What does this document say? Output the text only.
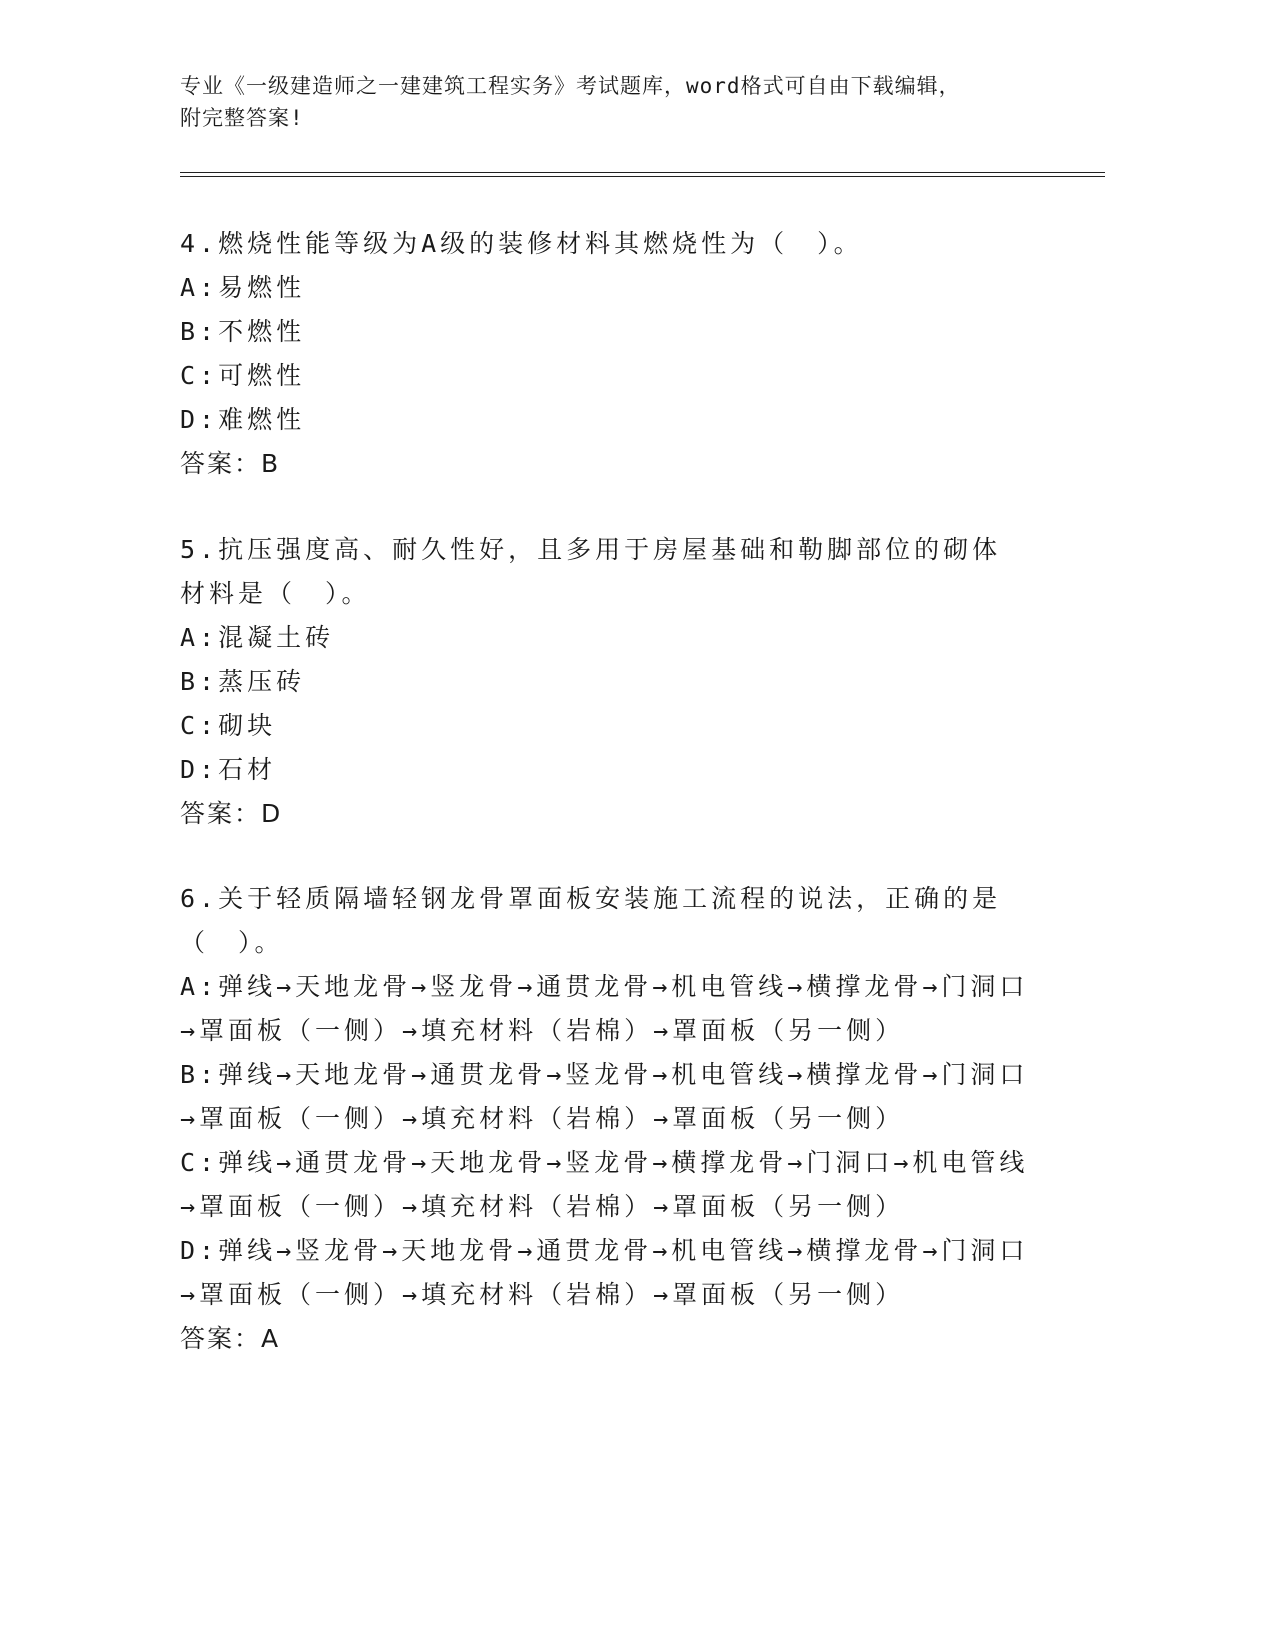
专业《一级建造师之一建建筑工程实务》考试题库，word格式可自由下载编辑，
附完整答案!

4.燃烧性能等级为A级的装修材料其燃烧性为（　）。

A:易燃性

B:不燃性

C:可燃性

D:难燃性

答案：B

5.抗压强度高、耐久性好，且多用于房屋基础和勒脚部位的砌体材料是（　）。

A:混凝土砖

B:蒸压砖

C:砌块

D:石材

答案：D

6.关于轻质隔墙轻钢龙骨罩面板安装施工流程的说法，正确的是（　）。

A:弹线→天地龙骨→竖龙骨→通贯龙骨→机电管线→横撑龙骨→门洞口→罩面板（一侧）→填充材料（岩棉）→罩面板（另一侧）

B:弹线→天地龙骨→通贯龙骨→竖龙骨→机电管线→横撑龙骨→门洞口→罩面板（一侧）→填充材料（岩棉）→罩面板（另一侧）

C:弹线→通贯龙骨→天地龙骨→竖龙骨→横撑龙骨→门洞口→机电管线→罩面板（一侧）→填充材料（岩棉）→罩面板（另一侧）

D:弹线→竖龙骨→天地龙骨→通贯龙骨→机电管线→横撑龙骨→门洞口→罩面板（一侧）→填充材料（岩棉）→罩面板（另一侧）

答案：A
